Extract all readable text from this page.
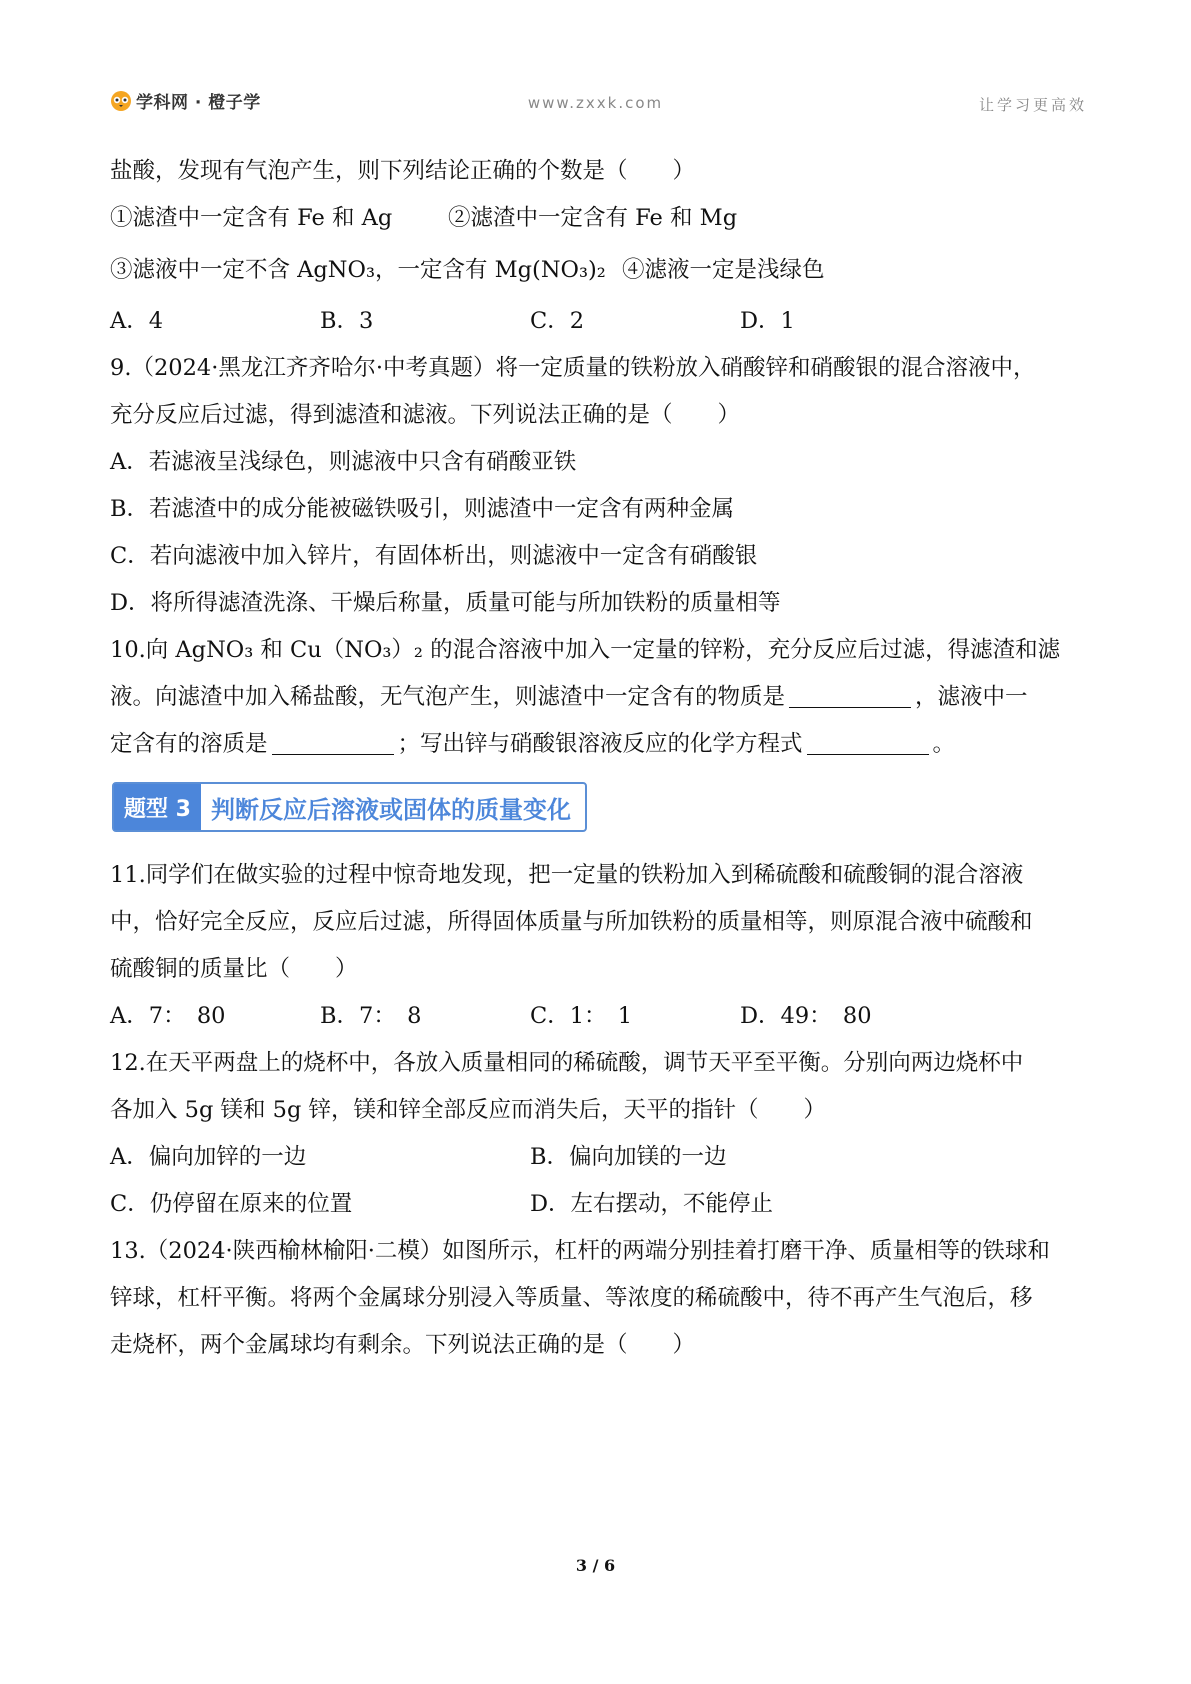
学科网 · 橙子学	www.zxxk.com	让学习更高效
盐酸，发现有气泡产生，则下列结论正确的个数是（　　）
①滤渣中一定含有 Fe 和 Ag	②滤渣中一定含有 Fe 和 Mg
③滤液中一定不含 AgNO₃，一定含有 Mg(NO₃)₂ ④滤液一定是浅绿色
A．4	B．3	C．2	D．1
9.（2024·黑龙江齐齐哈尔·中考真题）将一定质量的铁粉放入硝酸锌和硝酸银的混合溶液中，
充分反应后过滤，得到滤渣和滤液。下列说法正确的是（　　）
A．若滤液呈浅绿色，则滤液中只含有硝酸亚铁
B．若滤渣中的成分能被磁铁吸引，则滤渣中一定含有两种金属
C．若向滤液中加入锌片，有固体析出，则滤液中一定含有硝酸银
D．将所得滤渣洗涤、干燥后称量，质量可能与所加铁粉的质量相等
10.向 AgNO₃ 和 Cu（NO₃）₂ 的混合溶液中加入一定量的锌粉，充分反应后过滤，得滤渣和滤
液。向滤渣中加入稀盐酸，无气泡产生，则滤渣中一定含有的物质是	，滤液中一
定含有的溶质是	；写出锌与硝酸银溶液反应的化学方程式	。
题型 3 判断反应后溶液或固体的质量变化
11.同学们在做实验的过程中惊奇地发现，把一定量的铁粉加入到稀硫酸和硫酸铜的混合溶液
中，恰好完全反应，反应后过滤，所得固体质量与所加铁粉的质量相等，则原混合液中硫酸和
硫酸铜的质量比（　　）
A．7：　80	B．7：　8	C．1：　1	D．49：　80
12.在天平两盘上的烧杯中，各放入质量相同的稀硫酸，调节天平至平衡。分别向两边烧杯中
各加入 5g 镁和 5g 锌，镁和锌全部反应而消失后，天平的指针（　　）
A．偏向加锌的一边	B．偏向加镁的一边
C．仍停留在原来的位置	D．左右摆动，不能停止
13.（2024·陕西榆林榆阳·二模）如图所示，杠杆的两端分别挂着打磨干净、质量相等的铁球和
锌球，杠杆平衡。将两个金属球分别浸入等质量、等浓度的稀硫酸中，待不再产生气泡后，移
走烧杯，两个金属球均有剩余。下列说法正确的是（　　）
3 / 6
